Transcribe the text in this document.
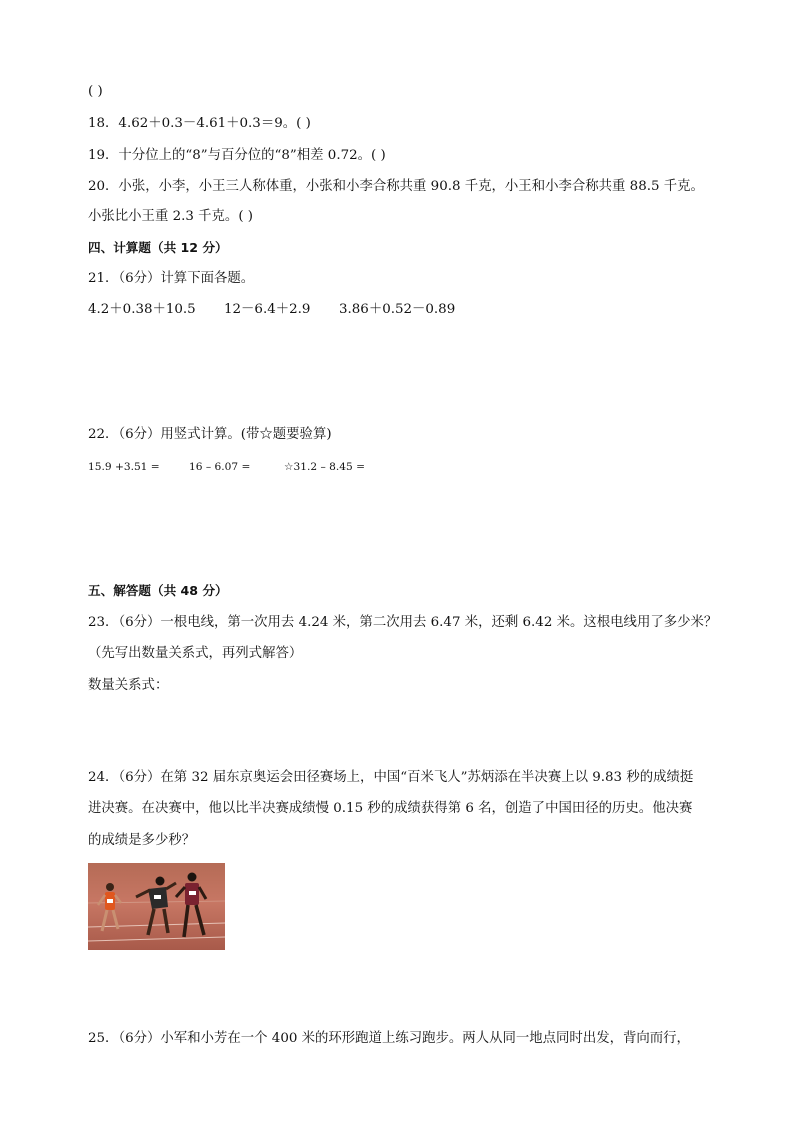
( )
18．4.62＋0.3－4.61＋0.3＝9。( )
19．十分位上的“8”与百分位的“8”相差 0.72。( )
20．小张，小李，小王三人称体重，小张和小李合称共重 90.8 千克，小王和小李合称共重 88.5 千克。
小张比小王重 2.3 千克。( )
四、计算题（共 12 分）
21．（6分）计算下面各题。
4.2＋0.38＋10.5	12－6.4＋2.9	3.86＋0.52－0.89
22．（6分）用竖式计算。(带☆题要验算)
15.9 +3.51 =	16 – 6.07 =	☆31.2 – 8.45 =
五、解答题（共 48 分）
23．（6分）一根电线，第一次用去 4.24 米，第二次用去 6.47 米，还剩 6.42 米。这根电线用了多少米？
（先写出数量关系式，再列式解答）
数量关系式：
24．（6分）在第 32 届东京奥运会田径赛场上，中国“百米飞人”苏炳添在半决赛上以 9.83 秒的成绩挺
进决赛。在决赛中，他以比半决赛成绩慢 0.15 秒的成绩获得第 6 名，创造了中国田径的历史。他决赛
的成绩是多少秒？
25．（6分）小军和小芳在一个 400 米的环形跑道上练习跑步。两人从同一地点同时出发，背向而行，
